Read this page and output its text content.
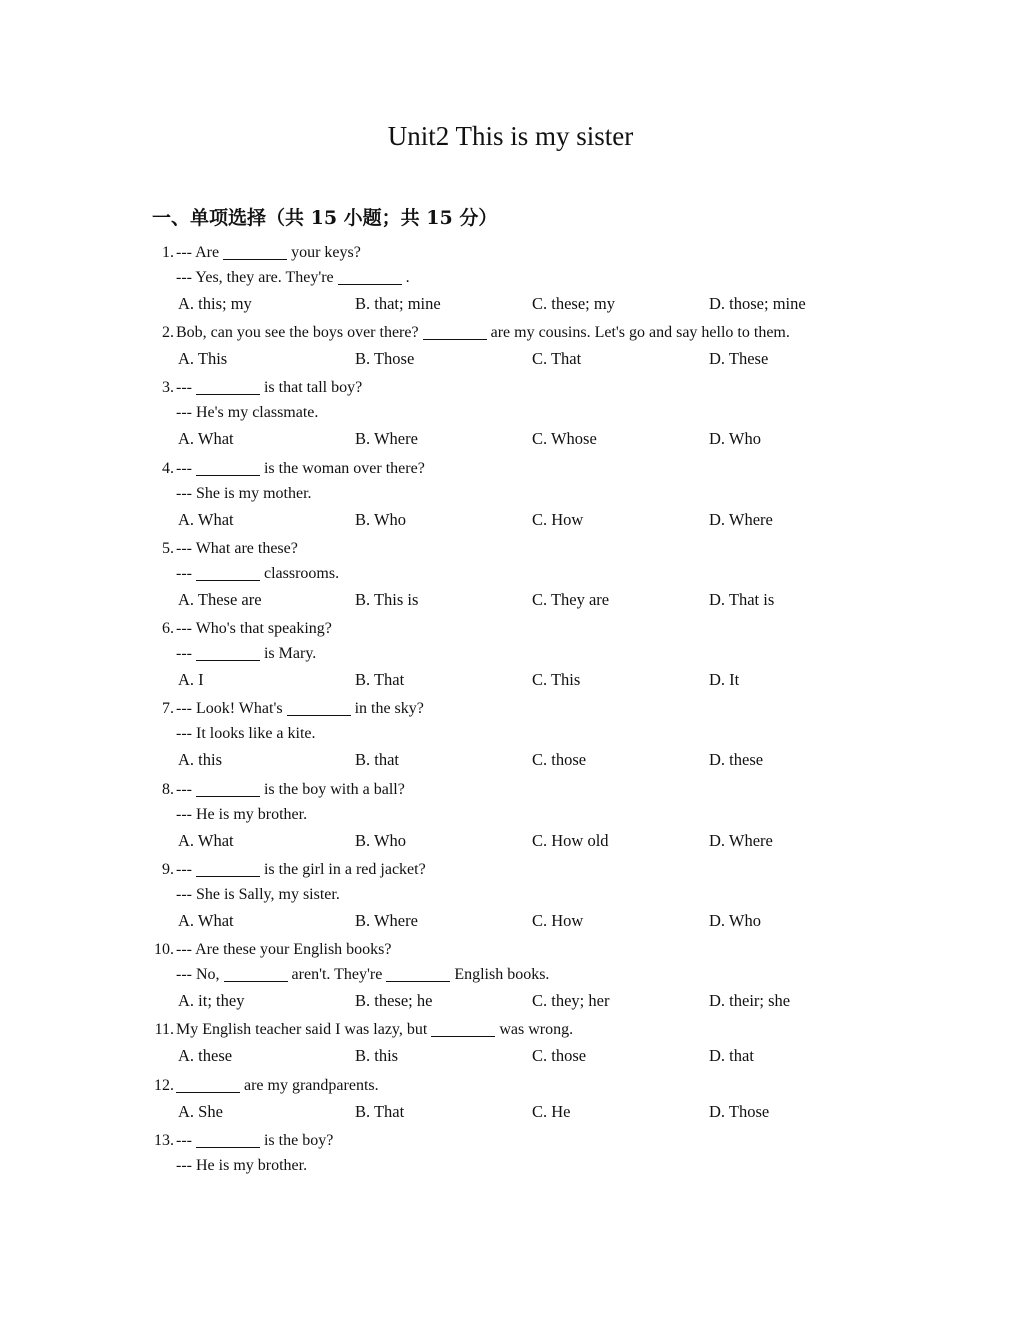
Unit2 This is my sister
一、单项选择（共 15 小题；共 15 分）
1. --- Are	your keys?
--- Yes, they are. They're	.
A. this; my	B. that; mine	C. these; my	D. those; mine
2. Bob, can you see the boys over there?	are my cousins. Let's go and say hello to them.
A. This	B. Those	C. That	D. These
3. ---	is that tall boy?
--- He's my classmate.
A. What	B. Where	C. Whose	D. Who
4. ---	is the woman over there?
--- She is my mother.
A. What	B. Who	C. How	D. Where
5. --- What are these?
---	classrooms.
A. These are	B. This is	C. They are	D. That is
6. --- Who's that speaking?
---	is Mary.
A. I	B. That	C. This	D. It
7. --- Look! What's	in the sky?
--- It looks like a kite.
A. this	B. that	C. those	D. these
8. ---	is the boy with a ball?
--- He is my brother.
A. What	B. Who	C. How old	D. Where
9. ---	is the girl in a red jacket?
--- She is Sally, my sister.
A. What	B. Where	C. How	D. Who
10. --- Are these your English books?
--- No,	aren't. They're	English books.
A. it; they	B. these; he	C. they; her	D. their; she
11. My English teacher said I was lazy, but	was wrong.
A. these	B. this	C. those	D. that
12.	are my grandparents.
A. She	B. That	C. He	D. Those
13. ---	is the boy?
--- He is my brother.
